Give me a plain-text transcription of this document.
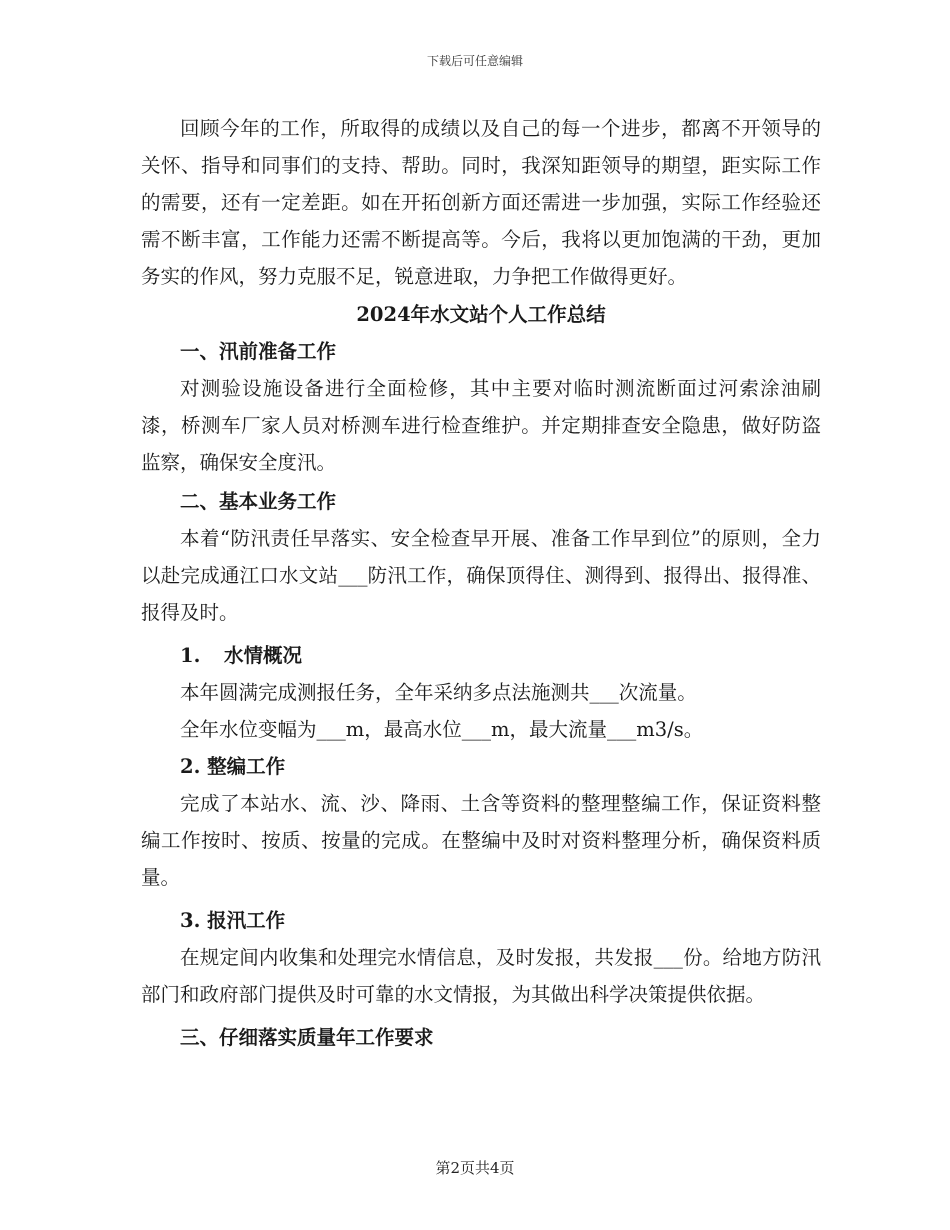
下载后可任意编辑

回顾今年的工作，所取得的成绩以及自己的每一个进步，都离不开领导的关怀、指导和同事们的支持、帮助。同时，我深知距领导的期望，距实际工作的需要，还有一定差距。如在开拓创新方面还需进一步加强，实际工作经验还需不断丰富，工作能力还需不断提高等。今后，我将以更加饱满的干劲，更加务实的作风，努力克服不足，锐意进取，力争把工作做得更好。

2024年水文站个人工作总结
一、汛前准备工作

对测验设施设备进行全面检修，其中主要对临时测流断面过河索涂油刷漆，桥测车厂家人员对桥测车进行检查维护。并定期排查安全隐患，做好防盗监察，确保安全度汛。

二、基本业务工作

本着“防汛责任早落实、安全检查早开展、准备工作早到位”的原则，全力以赴完成通江口水文站___防汛工作，确保顶得住、测得到、报得出、报得准、报得及时。

1. 水情概况

本年圆满完成测报任务，全年采纳多点法施测共___次流量。

全年水位变幅为___m，最高水位___m，最大流量___m3/s。

2. 整编工作

完成了本站水、流、沙、降雨、土含等资料的整理整编工作，保证资料整编工作按时、按质、按量的完成。在整编中及时对资料整理分析，确保资料质量。

3. 报汛工作

在规定间内收集和处理完水情信息，及时发报，共发报___份。给地方防汛部门和政府部门提供及时可靠的水文情报，为其做出科学决策提供依据。

三、仔细落实质量年工作要求
第2页共4页
